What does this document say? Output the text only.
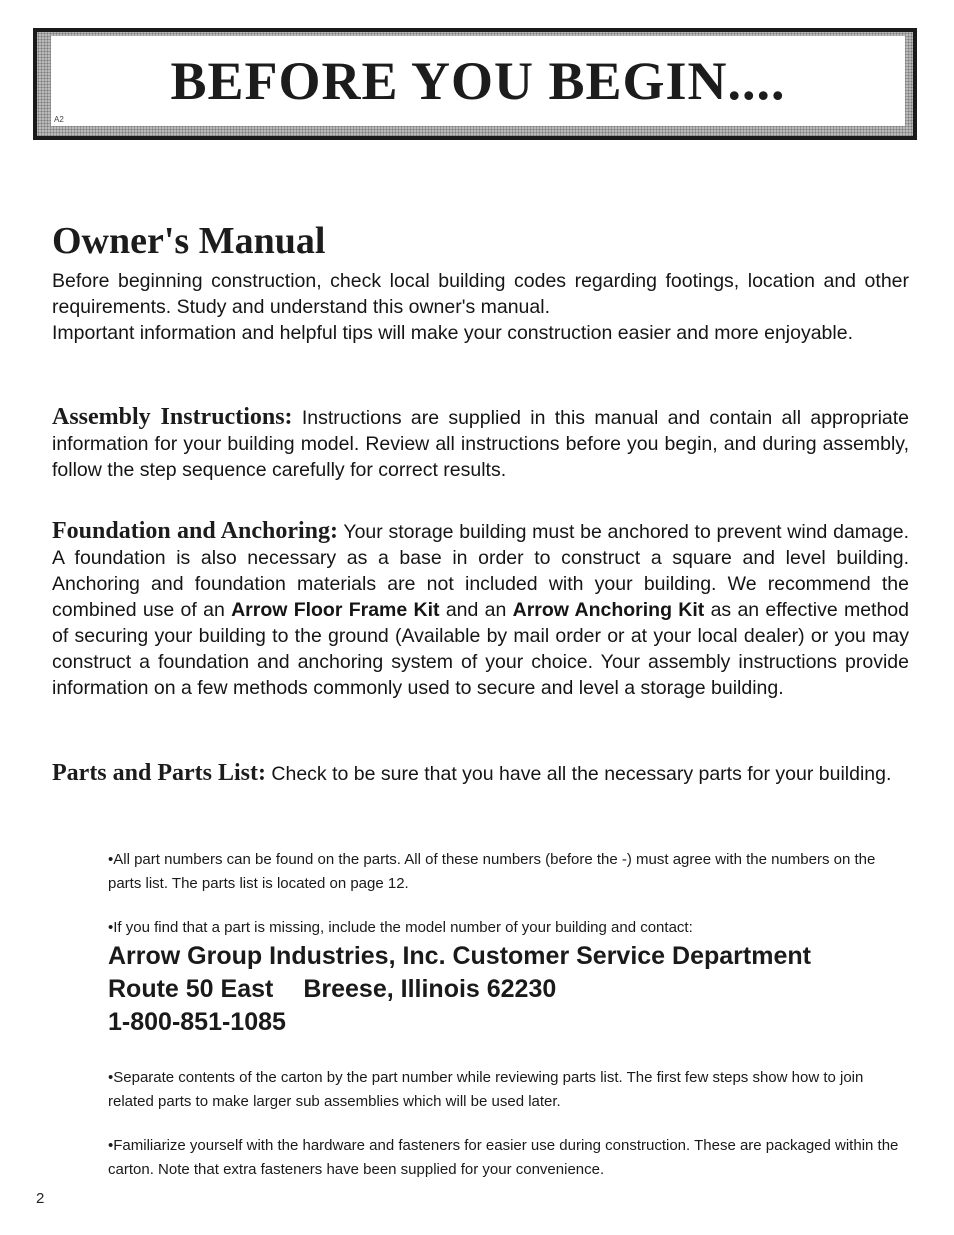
BEFORE YOU BEGIN....
A2
Owner's Manual

Before beginning construction, check local building codes regarding footings, location and other requirements. Study and understand this owner's manual.

Important information and helpful tips will make your construction easier and more enjoyable.

Assembly Instructions: Instructions are supplied in this manual and contain all appropriate information for your building model. Review all instructions before you begin, and during assembly, follow the step sequence carefully for correct results.

Foundation and Anchoring: Your storage building must be anchored to prevent wind damage. A foundation is also necessary as a base in order to construct a square and level building. Anchoring and foundation materials are not included with your building. We recommend the combined use of an Arrow Floor Frame Kit and an Arrow Anchoring Kit as an effective method of securing your building to the ground (Available by mail order or at your local dealer) or you may construct a foundation and anchoring system of your choice. Your assembly instructions provide information on a few methods commonly used to secure and level a storage building.

Parts and Parts List: Check to be sure that you have all the necessary parts for your building.

•All part numbers can be found on the parts. All of these numbers (before the -) must agree with the numbers on the parts list. The parts list is located on page 12.

•If you find that a part is missing, include the model number of your building and contact:

Arrow Group Industries, Inc. Customer Service Department
Route 50 East Breese, Illinois 62230
1-800-851-1085

•Separate contents of the carton by the part number while reviewing parts list. The first few steps show how to join related parts to make larger sub assemblies which will be used later.

•Familiarize yourself with the hardware and fasteners for easier use during construction. These are packaged within the carton. Note that extra fasteners have been supplied for your convenience.

2
